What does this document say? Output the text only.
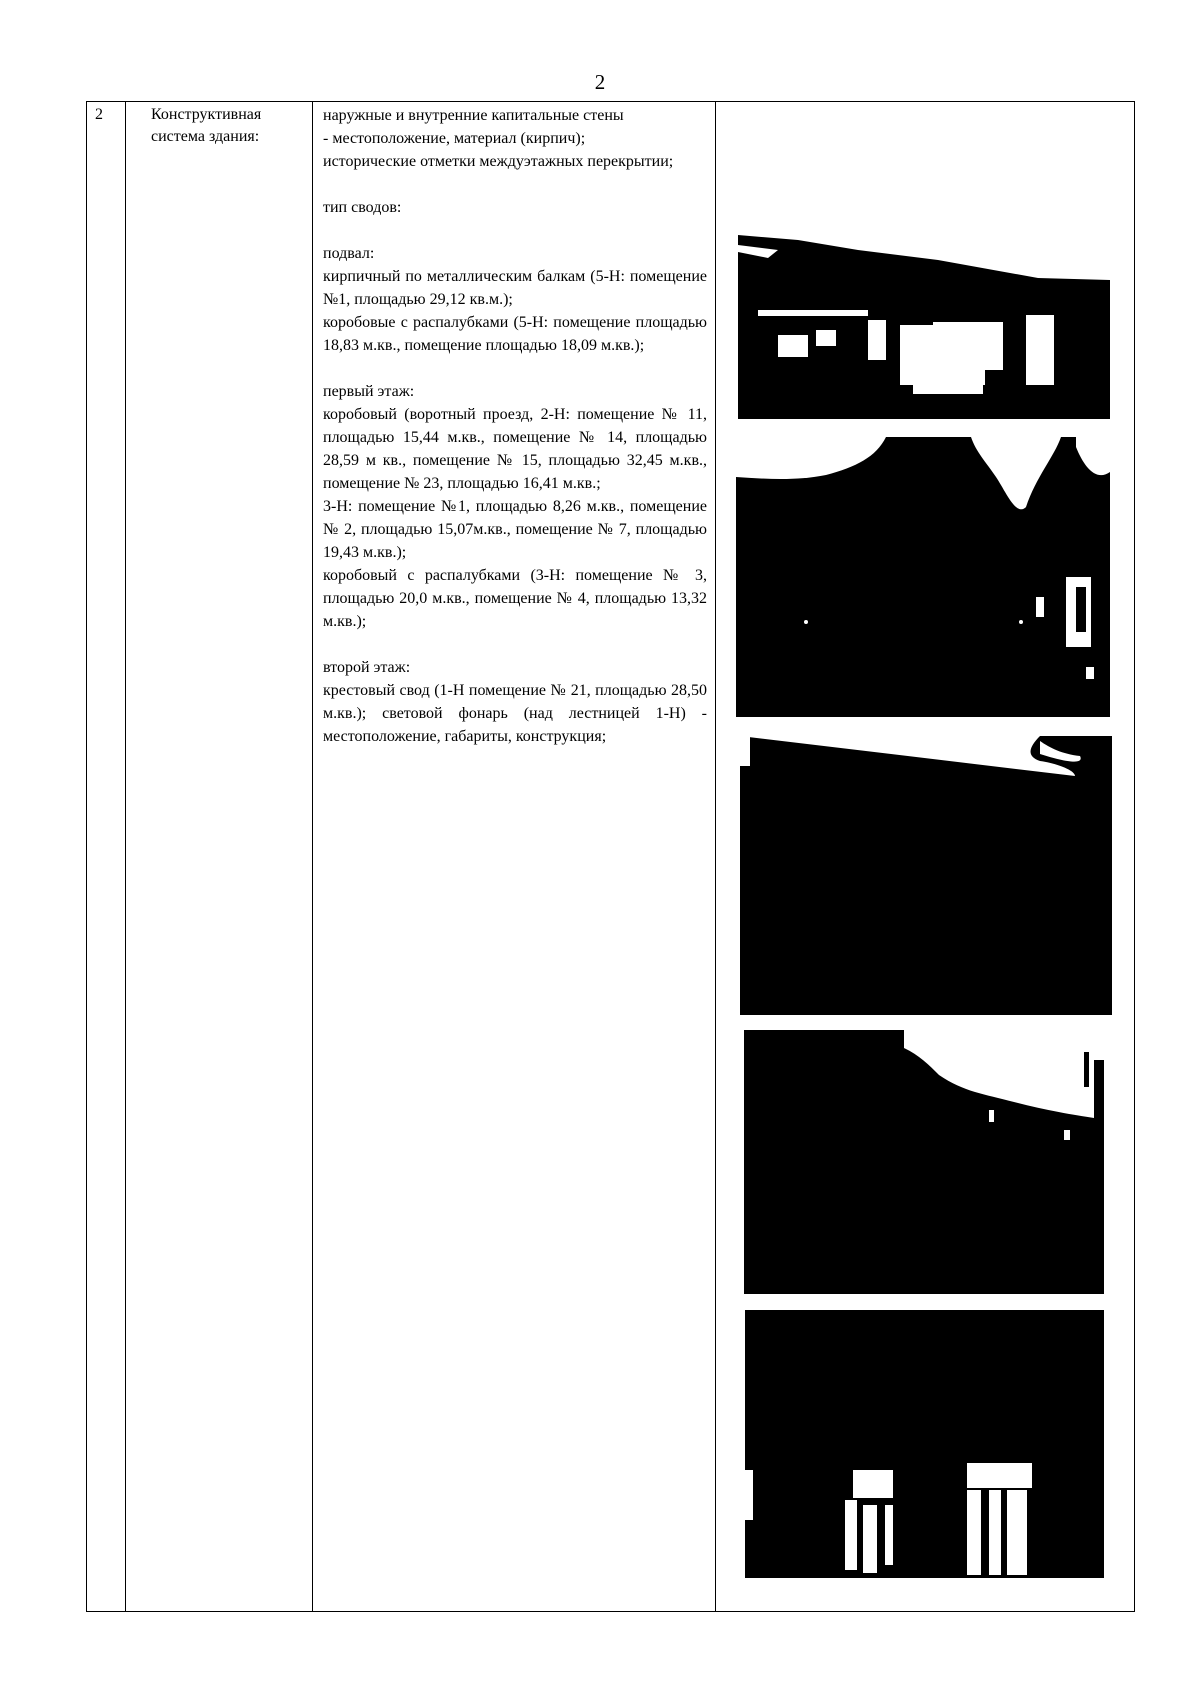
2
2	Конструктивная
система здания:

наружные и внутренние капитальные стены

- местоположение, материал (кирпич);

исторические отметки междуэтажных перекрытии;

тип сводов:

подвал:

кирпичный по металлическим балкам (5-Н: помещение №1, площадью 29,12 кв.м.);

коробовые с распалубками (5-Н: помещение площадью 18,83 м.кв., помещение площадью 18,09 м.кв.);

первый этаж:

коробовый (воротный проезд, 2-Н: помещение № 11, площадью 15,44 м.кв., помещение № 14, площадью 28,59 м кв., помещение № 15, площадью 32,45 м.кв., помещение № 23, площадью 16,41 м.кв.;

3-Н: помещение №1, площадью 8,26 м.кв., помещение № 2, площадью 15,07м.кв., помещение № 7, площадью 19,43 м.кв.);

коробовый с распалубками (3-Н: помещение № 3, площадью 20,0 м.кв., помещение № 4, площадью 13,32 м.кв.);

второй этаж:

крестовый свод (1-Н помещение № 21, площадью 28,50 м.кв.); световой фонарь (над лестницей 1-Н) - местоположение, габариты, конструкция;
